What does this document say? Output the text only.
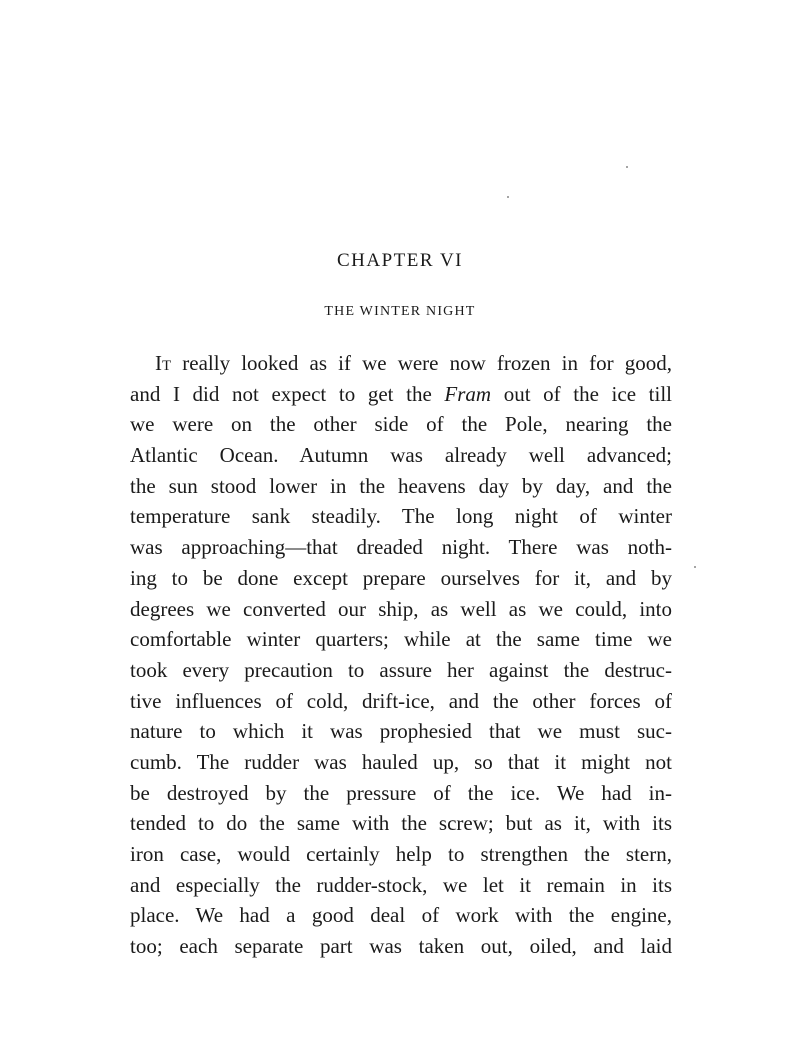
CHAPTER VI
THE WINTER NIGHT
It really looked as if we were now frozen in for good,
and I did not expect to get the Fram out of the ice till
we were on the other side of the Pole, nearing the
Atlantic Ocean. Autumn was already well advanced;
the sun stood lower in the heavens day by day, and the
temperature sank steadily. The long night of winter
was approaching—that dreaded night. There was noth-
ing to be done except prepare ourselves for it, and by
degrees we converted our ship, as well as we could, into
comfortable winter quarters; while at the same time we
took every precaution to assure her against the destruc-
tive influences of cold, drift-ice, and the other forces of
nature to which it was prophesied that we must suc-
cumb. The rudder was hauled up, so that it might not
be destroyed by the pressure of the ice. We had in-
tended to do the same with the screw; but as it, with its
iron case, would certainly help to strengthen the stern,
and especially the rudder-stock, we let it remain in its
place. We had a good deal of work with the engine,
too; each separate part was taken out, oiled, and laid
